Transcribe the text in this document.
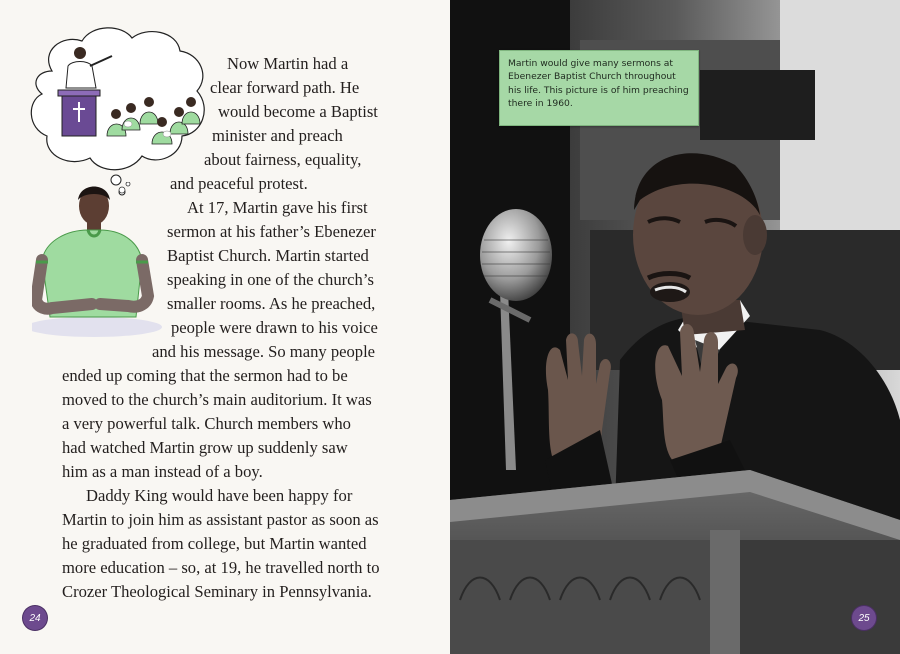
Now Martin had a
clear forward path. He
would become a Baptist
minister and preach
about fairness, equality,
and peaceful protest.
At 17, Martin gave his first
sermon at his father’s Ebenezer
Baptist Church. Martin started
speaking in one of the church’s
smaller rooms. As he preached,
people were drawn to his voice
and his message. So many people
ended up coming that the sermon had to be
moved to the church’s main auditorium. It was
a very powerful talk. Church members who
had watched Martin grow up suddenly saw
him as a man instead of a boy.
Daddy King would have been happy for
Martin to join him as assistant pastor as soon as
he graduated from college, but Martin wanted
more education – so, at 19, he travelled north to
Crozer Theological Seminary in Pennsylvania.
24
Martin would give many sermons at
Ebenezer Baptist Church throughout
his life. This picture is of him preaching
there in 1960.
25
